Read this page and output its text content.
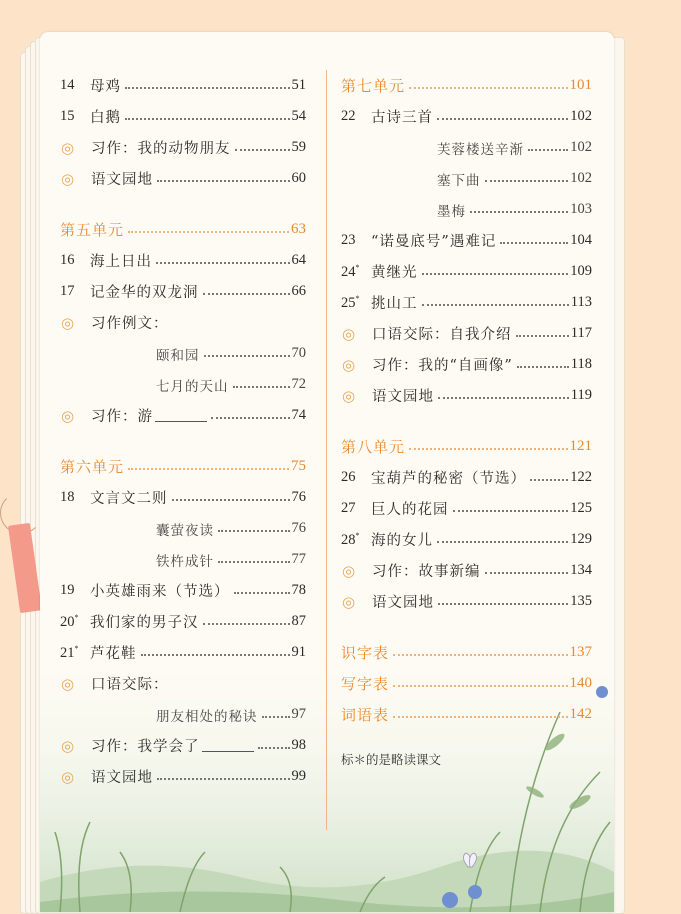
14	母鸡	51
15	白鹅	54
◎	习作：我的动物朋友	59
◎	语文园地	60
第五单元	63
16	海上日出	64
17	记金华的双龙洞	66
◎	习作例文：
颐和园	70
七月的天山	72
◎	习作：游	74
第六单元	75
18	文言文二则	76
囊萤夜读	76
铁杵成针	77
19	小英雄雨来（节选）	78
20* 我们家的男子汉	87
21* 芦花鞋	91
◎	口语交际：
朋友相处的秘诀 97
◎	习作：我学会了	98
◎	语文园地	99
第七单元	101
22	古诗三首	102
芙蓉楼送辛渐	102
塞下曲	102
墨梅	103
23	“诺曼底号”遇难记	104
24* 黄继光	109
25* 挑山工	113
◎	口语交际：自我介绍	117
◎	习作：我的“自画像”	118
◎	语文园地	119
第八单元	121
26	宝葫芦的秘密（节选）	122
27	巨人的花园	125
28* 海的女儿	129
◎	习作：故事新编	134
◎	语文园地	135
识字表	137
写字表	140
词语表	142
标＊的是略读课文
